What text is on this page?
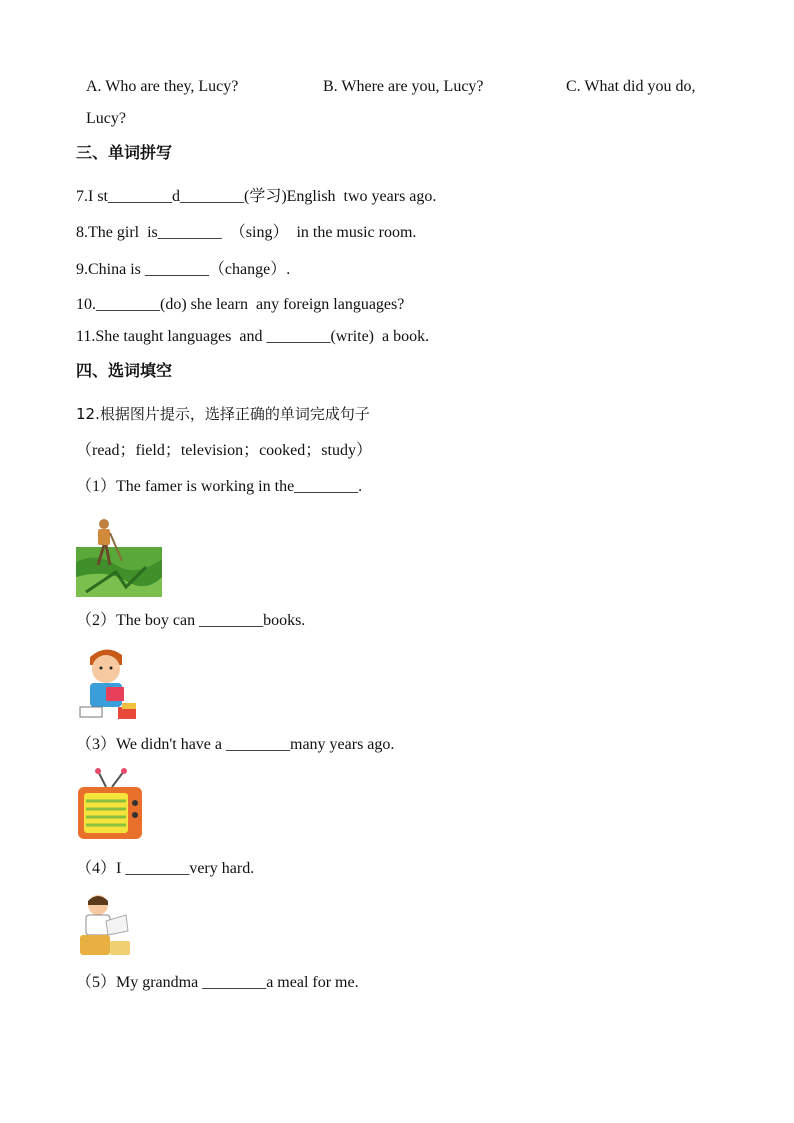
A. Who are they, Lucy?	B. Where are you, Lucy?	C. What did you do,
Lucy?
三、单词拼写
7.I st________d________(学习)English  two years ago.
8.The girl  is________  （sing）  in the music room.
9.China is ________（change）.
10.________(do) she learn  any foreign languages?
11.She taught languages  and ________(write)  a book.
四、选词填空
12.根据图片提示，选择正确的单词完成句子
（read；field；television；cooked；study）
（1）The famer is working in the________.
（2）The boy can ________books.
（3）We didn't have a ________many years ago.
（4）I ________very hard.
（5）My grandma ________a meal for me.
